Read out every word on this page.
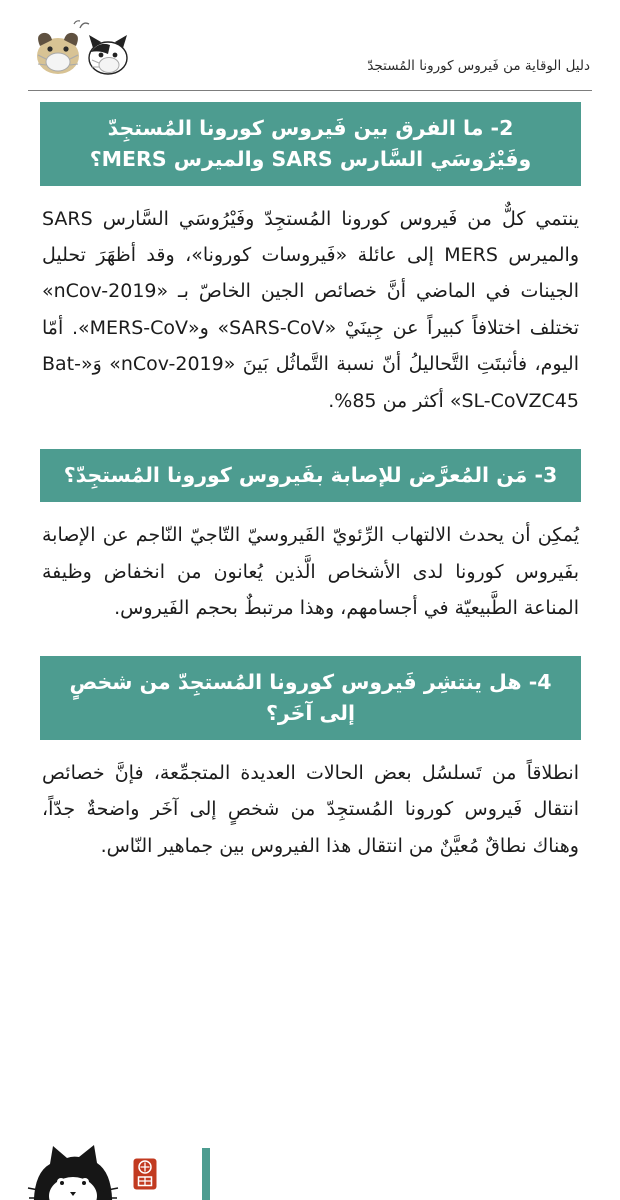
دليل الوقاية من فَيروس كورونا المُستجدّ
2- ما الفرق بين فَيروس كورونا المُستجِدّ وفَيْرُوسَي السَّارس SARS والميرس MERS؟

ينتمي كلٌّ من فَيروس كورونا المُستجِدّ وفَيْرُوسَي السَّارس SARS والميرس MERS إلى عائلة «فَيروسات كورونا»، وقد أظهَرَ تحليل الجينات في الماضي أنَّ خصائص الجين الخاصّ بـ «nCov-2019» تختلف اختلافاً كبيراً عن جِينَيْ «SARS-CoV» و«MERS-CoV». أمّا اليوم، فأثبتَتِ التَّحاليلُ أنّ نسبة التَّماثُل بَينَ «nCov-2019» وَ«Bat-SL-CoVZC45» أكثر من 85%.

3- مَن المُعرَّض للإصابة بفَيروس كورونا المُستجِدّ؟

يُمكِن أن يحدث الالتهاب الرِّئويّ الفَيروسيّ التّاجيّ النّاجم عن الإصابة بفَيروس كورونا لدى الأشخاص الَّذين يُعانون من انخفاض وظيفة المناعة الطَّبيعيّة في أجسامهم، وهذا مرتبطٌ بحجم الفَيروس.

4- هل ينتشِر فَيروس كورونا المُستجِدّ من شخصٍ إلى آخَر؟

انطلاقاً من تَسلسُل بعض الحالات العديدة المتجمِّعة، فإنَّ خصائص انتقال فَيروس كورونا المُستجِدّ من شخصٍ إلى آخَر واضحةٌ جدّاً، وهناك نطاقٌ مُعيَّنٌ من انتقال هذا الفيروس بين جماهير النّاس.
